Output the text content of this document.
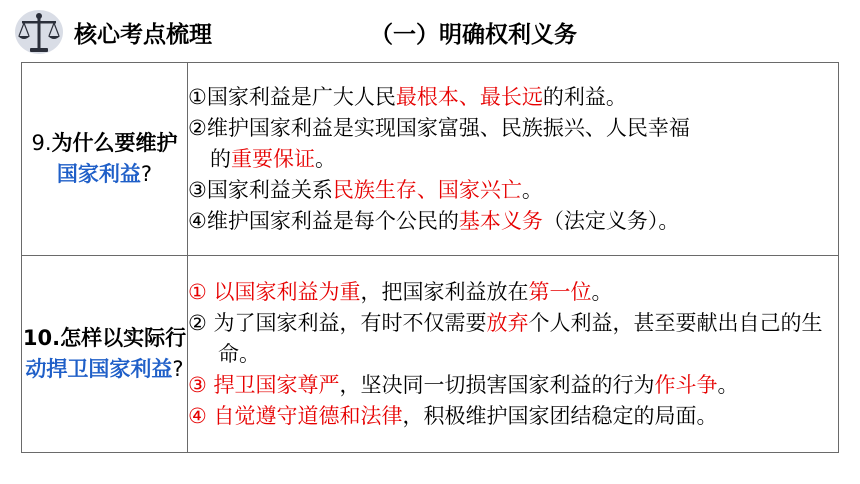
核心考点梳理	（一）明确权利义务
9.为什么要维护国家利益?	①国家利益是广大人民最根本、最长远的利益。

②维护国家利益是实现国家富强、民族振兴、人民幸福

的重要保证。

③国家利益关系民族生存、国家兴亡。

④维护国家利益是每个公民的基本义务（法定义务）。

10.怎样以实际行动捍卫国家利益?	① 以国家利益为重，把国家利益放在第一位。

② 为了国家利益，有时不仅需要放弃个人利益，甚至要献出自己的生命。

③ 捍卫国家尊严，坚决同一切损害国家利益的行为作斗争。

④ 自觉遵守道德和法律，积极维护国家团结稳定的局面。
